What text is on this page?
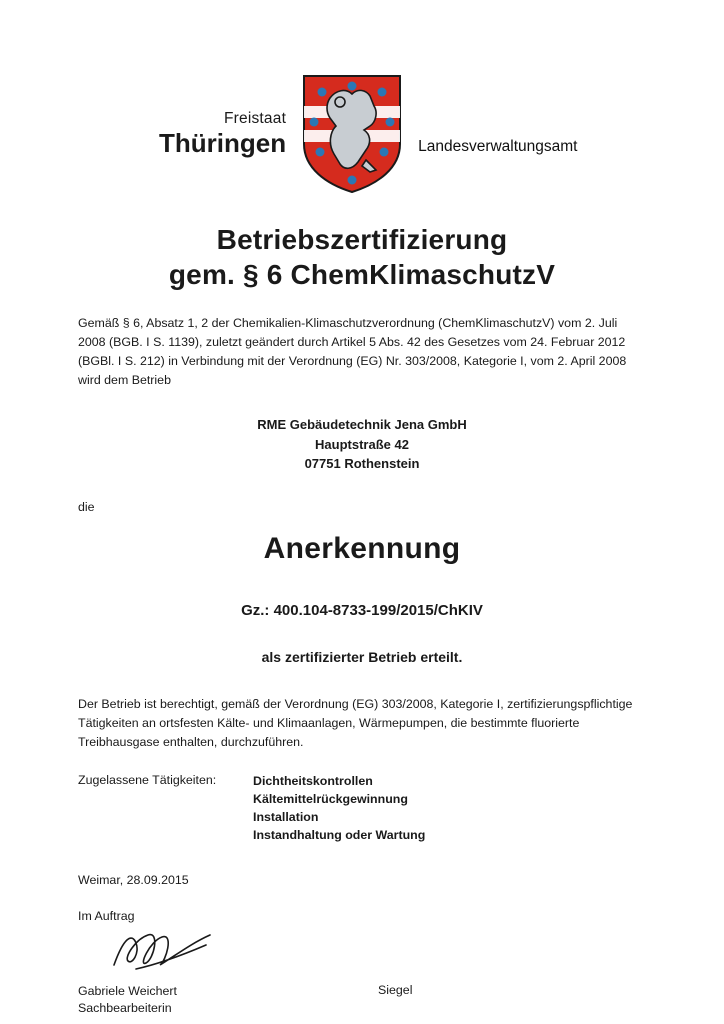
Freistaat
Thüringen	Landesverwaltungsamt
Betriebszertifizierung
gem. § 6 ChemKlimaschutzV
Gemäß § 6, Absatz 1, 2 der Chemikalien-Klimaschutzverordnung (ChemKlimaschutzV) vom 2. Juli 2008 (BGB. I S. 1139), zuletzt geändert durch Artikel 5 Abs. 42 des Gesetzes vom 24. Februar 2012 (BGBl. I S. 212) in Verbindung mit der Verordnung (EG) Nr. 303/2008, Kategorie I, vom 2. April 2008 wird dem Betrieb
RME Gebäudetechnik Jena GmbH
Hauptstraße 42
07751 Rothenstein
die
Anerkennung
Gz.: 400.104-8733-199/2015/ChKIV
als zertifizierter Betrieb erteilt.
Der Betrieb ist berechtigt, gemäß der Verordnung (EG) 303/2008, Kategorie I, zertifizierungspflichtige Tätigkeiten an ortsfesten Kälte- und Klimaanlagen, Wärmepumpen, die bestimmte fluorierte Treibhausgase enthalten, durchzuführen.
Zugelassene Tätigkeiten:	Dichtheitskontrollen
Kältemittelrückgewinnung
Installation
Instandhaltung oder Wartung
Weimar, 28.09.2015
Im Auftrag
Gabriele Weichert
Sachbearbeiterin
Siegel
